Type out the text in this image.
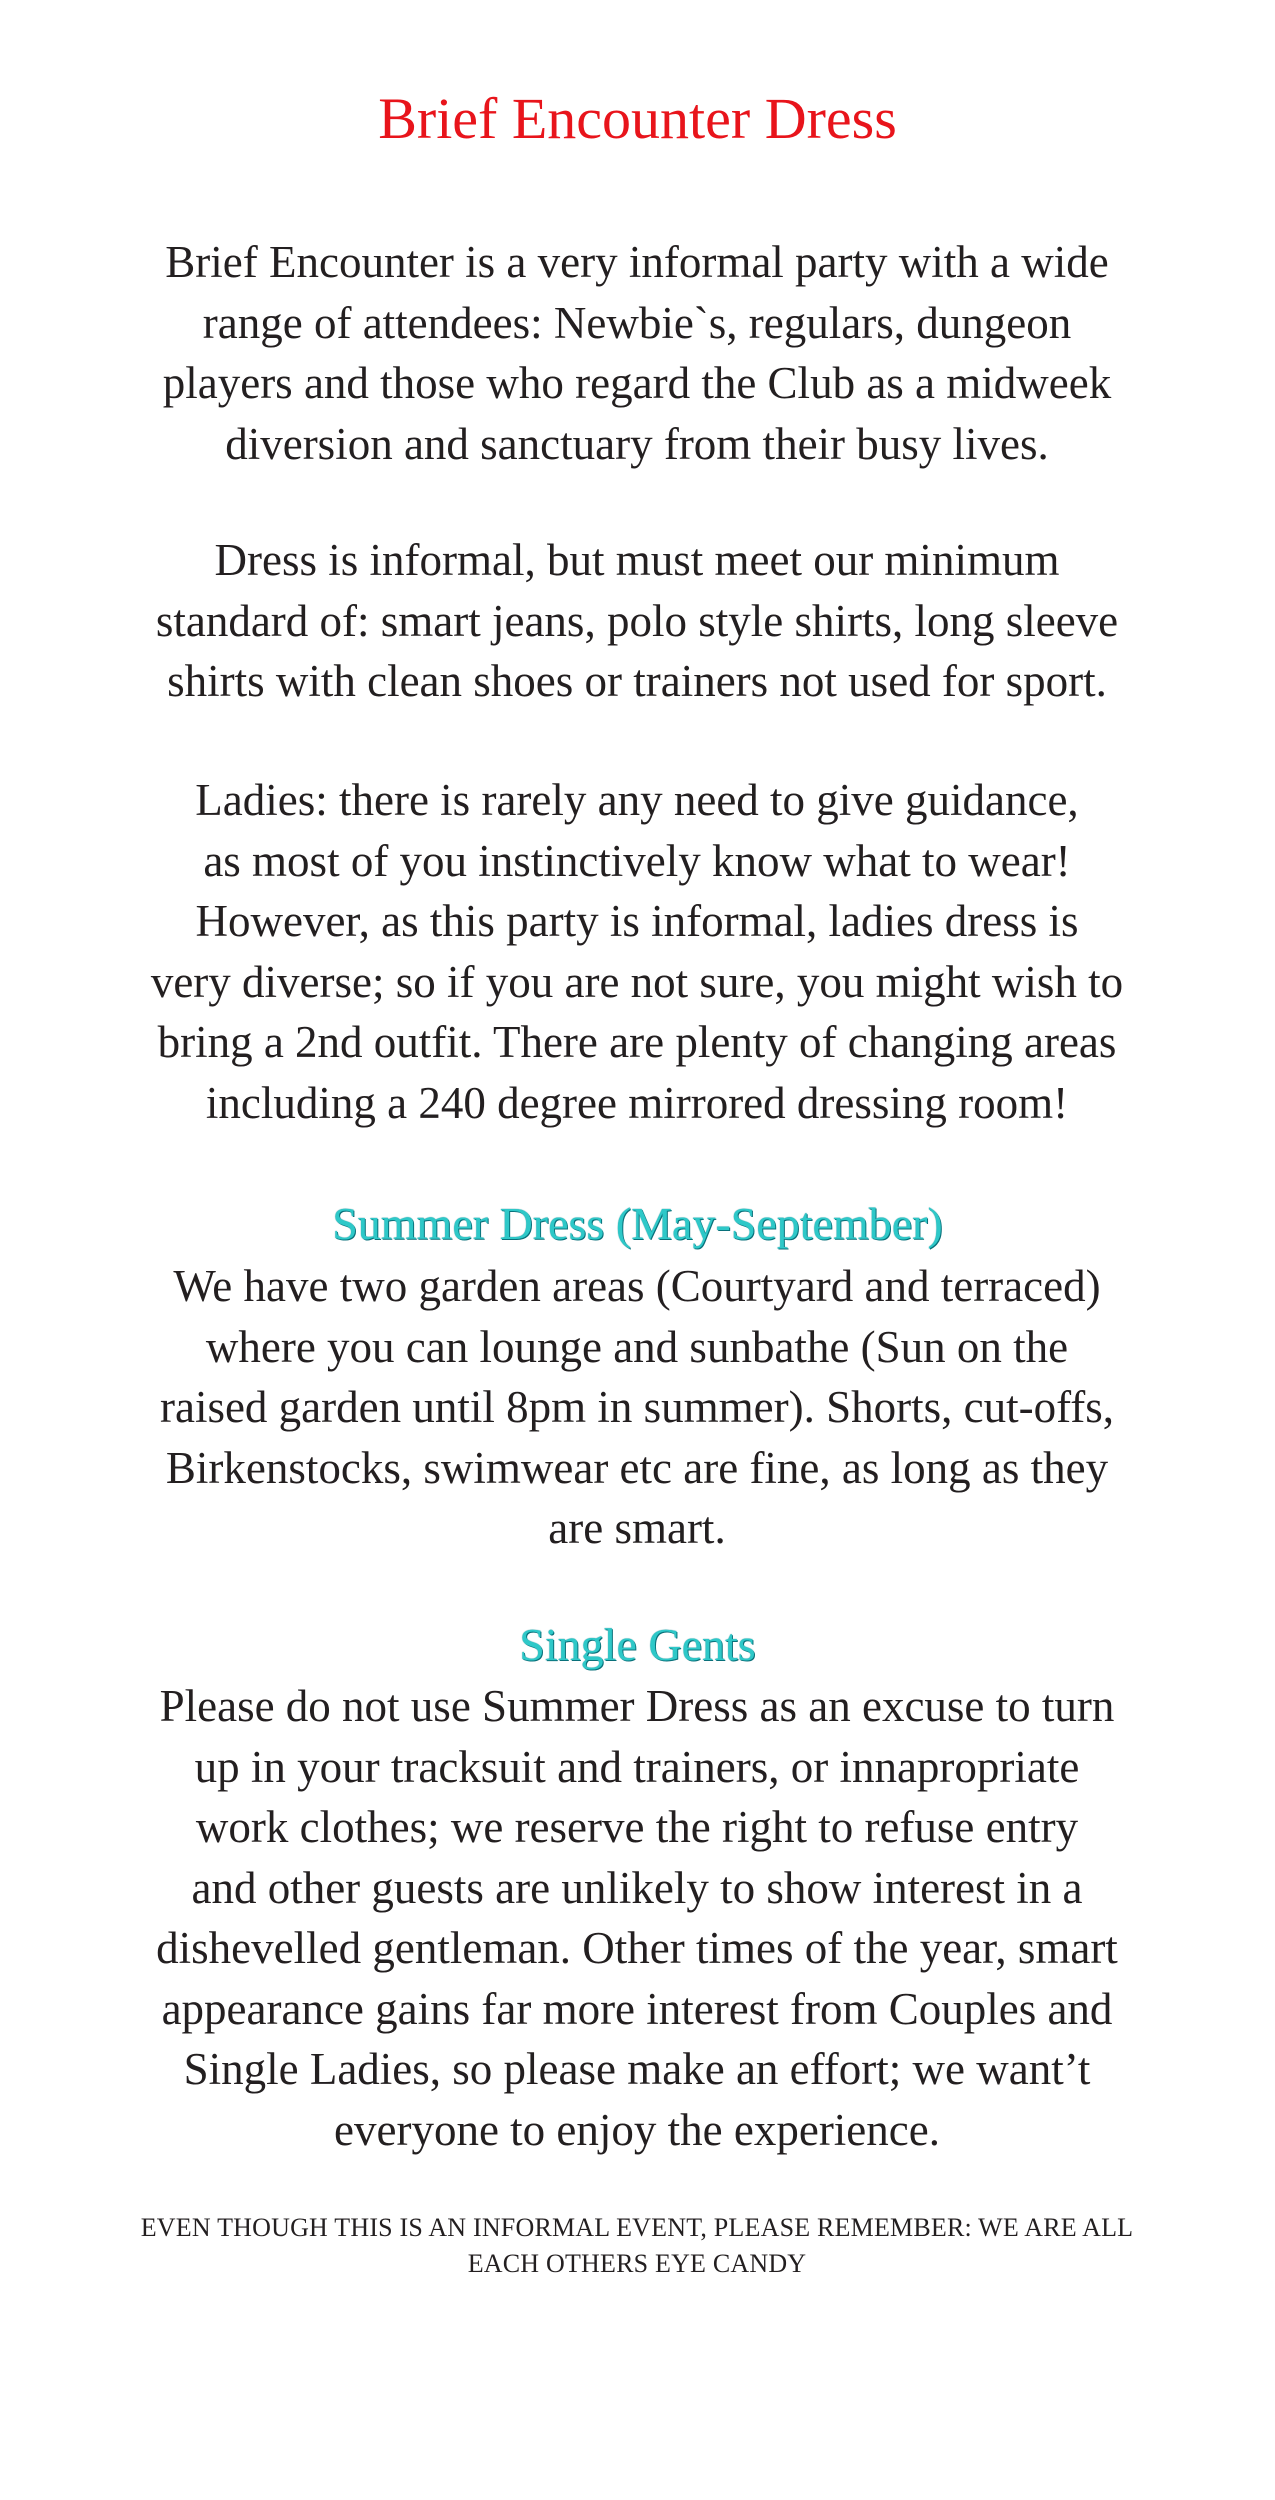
Brief Encounter Dress

Brief Encounter is a very informal party with a wide
range of attendees: Newbie`s, regulars, dungeon
players and those who regard the Club as a midweek
diversion and sanctuary from their busy lives.

Dress is informal, but must meet our minimum
standard of: smart jeans, polo style shirts, long sleeve
shirts with clean shoes or trainers not used for sport.

Ladies: there is rarely any need to give guidance,
as most of you instinctively know what to wear!
However, as this party is informal, ladies dress is
very diverse; so if you are not sure, you might wish to
bring a 2nd outfit. There are plenty of changing areas
including a 240 degree mirrored dressing room!

Summer Dress (May-September)

We have two garden areas (Courtyard and terraced)
where you can lounge and sunbathe (Sun on the
raised garden until 8pm in summer). Shorts, cut-offs,
Birkenstocks, swimwear etc are fine, as long as they
are smart.

Single Gents

Please do not use Summer Dress as an excuse to turn
up in your tracksuit and trainers, or innapropriate
work clothes; we reserve the right to refuse entry
and other guests are unlikely to show interest in a
dishevelled gentleman. Other times of the year, smart
appearance gains far more interest from Couples and
Single Ladies, so please make an effort; we want’t
everyone to enjoy the experience.

EVEN THOUGH THIS IS AN INFORMAL EVENT, PLEASE REMEMBER: WE ARE ALL
EACH OTHERS EYE CANDY
